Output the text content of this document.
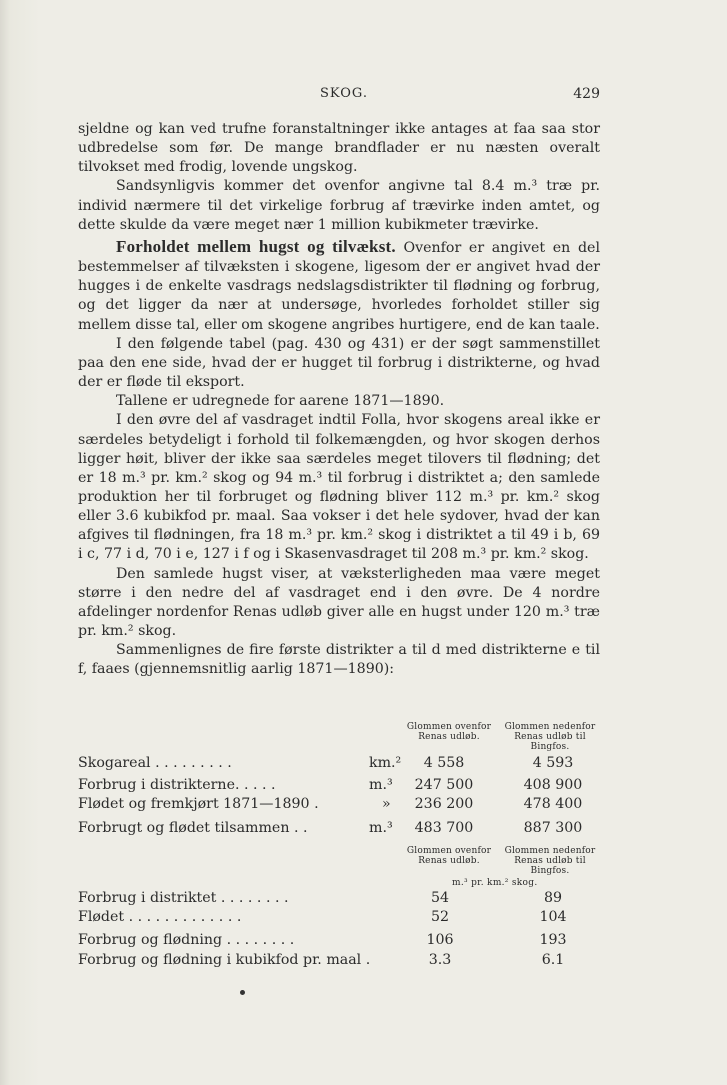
SKOG.	429

sjeldne og kan ved trufne foranstaltninger ikke antages at faa saa stor udbredelse som før. De mange brandflader er nu næsten overalt tilvokset med frodig, lovende ungskog.

Sandsynligvis kommer det ovenfor angivne tal 8.4 m.³ træ pr. individ nærmere til det virkelige forbrug af trævirke inden amtet, og dette skulde da være meget nær 1 million kubikmeter trævirke.

Forholdet mellem hugst og tilvækst. Ovenfor er angivet en del bestemmelser af tilvæksten i skogene, ligesom der er angivet hvad der hugges i de enkelte vasdrags nedslagsdistrikter til flødning og forbrug, og det ligger da nær at undersøge, hvorledes forholdet stiller sig mellem disse tal, eller om skogene angribes hurtigere, end de kan taale.

I den følgende tabel (pag. 430 og 431) er der søgt sammenstillet paa den ene side, hvad der er hugget til forbrug i distrikterne, og hvad der er fløde til eksport.

Tallene er udregnede for aarene 1871—1890.

I den øvre del af vasdraget indtil Folla, hvor skogens areal ikke er særdeles betydeligt i forhold til folkemængden, og hvor skogen derhos ligger høit, bliver der ikke saa særdeles meget tilovers til flødning; det er 18 m.³ pr. km.² skog og 94 m.³ til forbrug i distriktet a; den samlede produktion her til forbruget og flødning bliver 112 m.³ pr. km.² skog eller 3.6 kubikfod pr. maal. Saa vokser i det hele sydover, hvad der kan afgives til flødningen, fra 18 m.³ pr. km.² skog i distriktet a til 49 i b, 69 i c, 77 i d, 70 i e, 127 i f og i Skasenvasdraget til 208 m.³ pr. km.² skog.

Den samlede hugst viser, at væksterligheden maa være meget større i den nedre del af vasdraget end i den øvre. De 4 nordre afdelinger nordenfor Renas udløb giver alle en hugst under 120 m.³ træ pr. km.² skog.

Sammenlignes de fire første distrikter a til d med distrikterne e til f, faaes (gjennemsnitlig aarlig 1871—1890):

Glommen ovenfor Renas udløb.
Glommen nedenfor Renas udløb til Bingfos.
Skogareal . . . . . . . . .	km.²	4 558	4 593
Forbrug i distrikterne. . . . .	m.³	247 500	408 900
Flødet og fremkjørt 1871—1890 .	»	236 200	478 400
Forbrugt og flødet tilsammen . .	m.³	483 700	887 300
Glommen ovenfor Renas udløb.
Glommen nedenfor Renas udløb til Bingfos.
m.³ pr. km.² skog.
Forbrug i distriktet . . . . . . . .	54	89
Flødet . . . . . . . . . . . . .	52	104
Forbrug og flødning . . . . . . . .	106	193
Forbrug og flødning i kubikfod pr. maal .	3.3	6.1
